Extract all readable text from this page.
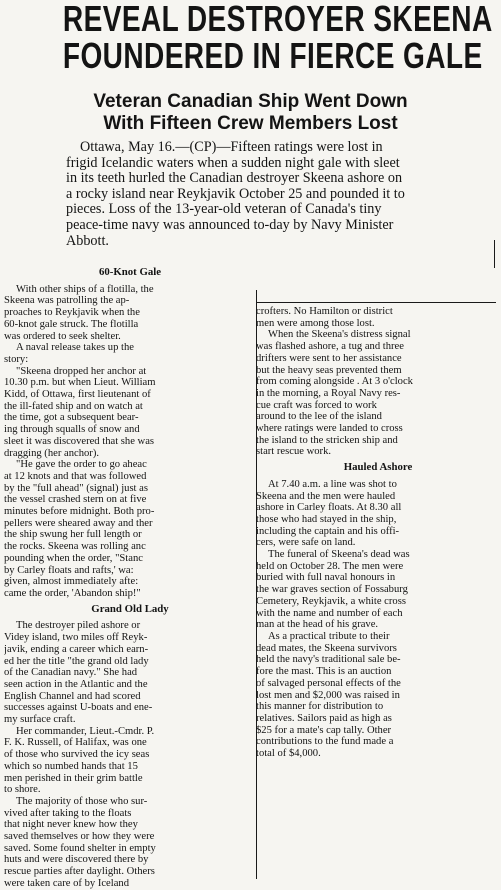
REVEAL DESTROYER SKEENA
FOUNDERED IN FIERCE GALE
Veteran Canadian Ship Went Down
With Fifteen Crew Members Lost
Ottawa, May 16.—(CP)—Fifteen ratings were lost in
frigid Icelandic waters when a sudden night gale with sleet
in its teeth hurled the Canadian destroyer Skeena ashore on
a rocky island near Reykjavik October 25 and pounded it to
pieces. Loss of the 13-year-old veteran of Canada's tiny
peace-time navy was announced to-day by Navy Minister
Abbott.
60-Knot Gale
With other ships of a flotilla, the
Skeena was patrolling the ap-
proaches to Reykjavik when the
60-knot gale struck. The flotilla
was ordered to seek shelter.
A naval release takes up the
story:
"Skeena dropped her anchor at
10.30 p.m. but when Lieut. William
Kidd, of Ottawa, first lieutenant of
the ill-fated ship and on watch at
the time, got a subsequent bear-
ing through squalls of snow and
sleet it was discovered that she was
dragging (her anchor).
"He gave the order to go aheac
at 12 knots and that was followed
by the "full ahead" (signal) just as
the vessel crashed stern on at five
minutes before midnight. Both pro-
pellers were sheared away and ther
the ship swung her full length or
the rocks. Skeena was rolling anc
pounding when the order, "Stanc
by Carley floats and rafts,' wa:
given, almost immediately afte:
came the order, 'Abandon ship!"
Grand Old Lady
The destroyer piled ashore or
Videy island, two miles off Reyk-
javik, ending a career which earn-
ed her the title "the grand old lady
of the Canadian navy." She had
seen action in the Atlantic and the
English Channel and had scored
successes against U-boats and ene-
my surface craft.
Her commander, Lieut.-Cmdr. P.
F. K. Russell, of Halifax, was one
of those who survived the icy seas
which so numbed hands that 15
men perished in their grim battle
to shore.
The majority of those who sur-
vived after taking to the floats
that night never knew how they
saved themselves or how they were
saved. Some found shelter in empty
huts and were discovered there by
rescue parties after daylight. Others
were taken care of by Iceland
crofters. No Hamilton or district
men were among those lost.
When the Skeena's distress signal
was flashed ashore, a tug and three
drifters were sent to her assistance
but the heavy seas prevented them
from coming alongside . At 3 o'clock
in the morning, a Royal Navy res-
cue craft was forced to work
around to the lee of the island
where ratings were landed to cross
the island to the stricken ship and
start rescue work.
Hauled Ashore
At 7.40 a.m. a line was shot to
Skeena and the men were hauled
ashore in Carley floats. At 8.30 all
those who had stayed in the ship,
including the captain and his offi-
cers, were safe on land.
The funeral of Skeena's dead was
held on October 28. The men were
buried with full naval honours in
the war graves section of Fossaburg
Cemetery, Reykjavik, a white cross
with the name and number of each
man at the head of his grave.
As a practical tribute to their
dead mates, the Skeena survivors
held the navy's traditional sale be-
fore the mast. This is an auction
of salvaged personal effects of the
lost men and $2,000 was raised in
this manner for distribution to
relatives. Sailors paid as high as
$25 for a mate's cap tally. Other
contributions to the fund made a
total of $4,000.
